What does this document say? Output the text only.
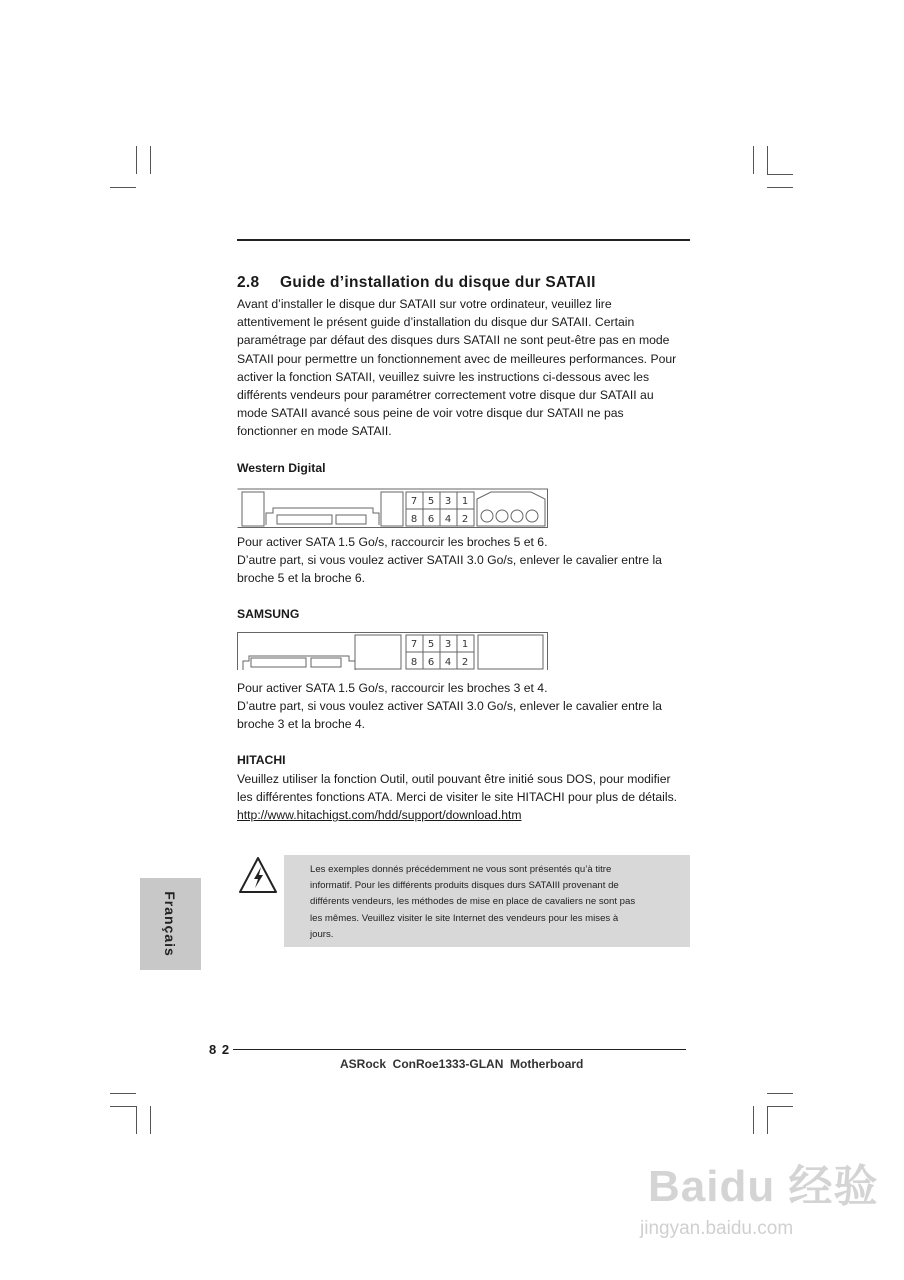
2.8 Guide d’installation du disque dur SATAII

Avant d’installer le disque dur SATAII sur votre ordinateur, veuillez lire

attentivement le présent guide d’installation du disque dur SATAII. Certain

paramétrage par défaut des disques durs SATAII ne sont peut-être pas en mode

SATAII pour permettre un fonctionnement avec de meilleures performances. Pour

activer la fonction SATAII, veuillez suivre les instructions ci-dessous avec les

différents vendeurs pour paramétrer correctement votre disque dur SATAII au

mode SATAII avancé sous peine de voir votre disque dur SATAII ne pas

fonctionner en mode SATAII.

Western Digital
7 5 3 1
8 6 4 2

Pour activer SATA 1.5 Go/s, raccourcir les broches 5 et 6.

D’autre part, si vous voulez activer SATAII 3.0 Go/s, enlever le cavalier entre la

broche 5 et la broche 6.

SAMSUNG
7 5 3 1
8 6 4 2

Pour activer SATA 1.5 Go/s, raccourcir les broches 3 et 4.

D’autre part, si vous voulez activer SATAII 3.0 Go/s, enlever le cavalier entre la

broche 3 et la broche 4.

HITACHI

Veuillez utiliser la fonction Outil, outil pouvant être initié sous DOS, pour modifier

les différentes fonctions ATA. Merci de visiter le site HITACHI pour plus de détails.

http://www.hitachigst.com/hdd/support/download.htm

Les exemples donnés précédemment ne vous sont présentés qu’à titre
informatif. Pour les différents produits disques durs SATAIII provenant de
différents vendeurs, les méthodes de mise en place de cavaliers ne sont pas
les mêmes. Veuillez visiter le site Internet des vendeurs pour les mises à
jours.
Français
8 2
ASRock  ConRoe1333-GLAN  Motherboard
Baidu 经验
jingyan.baidu.com
